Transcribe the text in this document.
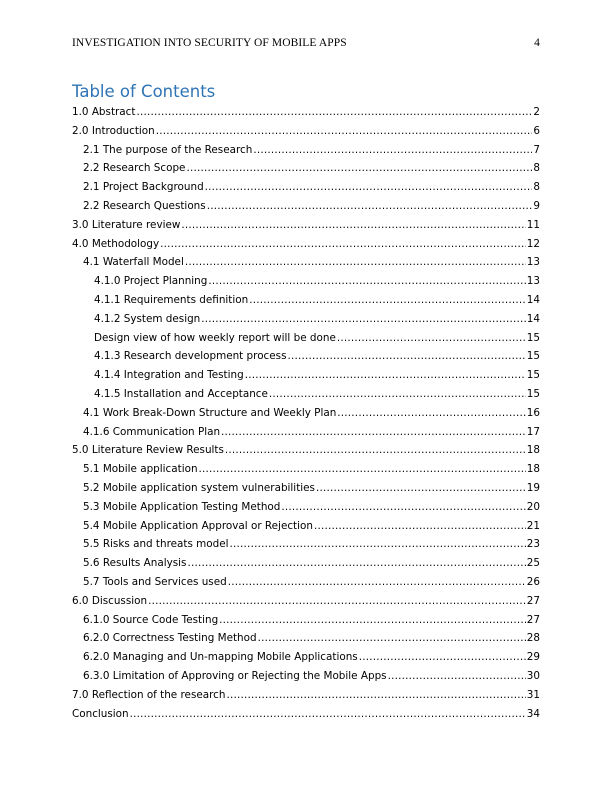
INVESTIGATION INTO SECURITY OF MOBILE APPS	4
Table of Contents
1.0 Abstract .....	2
2.0 Introduction .....	6
2.1 The purpose of the Research .....	7
2.2 Research Scope .....	8
2.1 Project Background .....	8
2.2 Research Questions .....	9
3.0 Literature review .....	11
4.0 Methodology .....	12
4.1 Waterfall Model .....	13
4.1.0 Project Planning .....	13
4.1.1 Requirements definition .....	14
4.1.2 System design .....	14
Design view of how weekly report will be done .....	15
4.1.3 Research development process .....	15
4.1.4 Integration and Testing .....	15
4.1.5 Installation and Acceptance .....	15
4.1 Work Break-Down Structure and Weekly Plan .....	16
4.1.6 Communication Plan .....	17
5.0 Literature Review Results .....	18
5.1 Mobile application .....	18
5.2 Mobile application system vulnerabilities .....	19
5.3 Mobile Application Testing Method .....	20
5.4 Mobile Application Approval or Rejection .....	21
5.5 Risks and threats model .....	23
5.6 Results Analysis .....	25
5.7 Tools and Services used .....	26
6.0 Discussion .....	27
6.1.0 Source Code Testing .....	27
6.2.0 Correctness Testing Method .....	28
6.2.0 Managing and Un-mapping Mobile Applications .....	29
6.3.0 Limitation of Approving or Rejecting the Mobile Apps .....	30
7.0 Reflection of the research .....	31
Conclusion .....	34
